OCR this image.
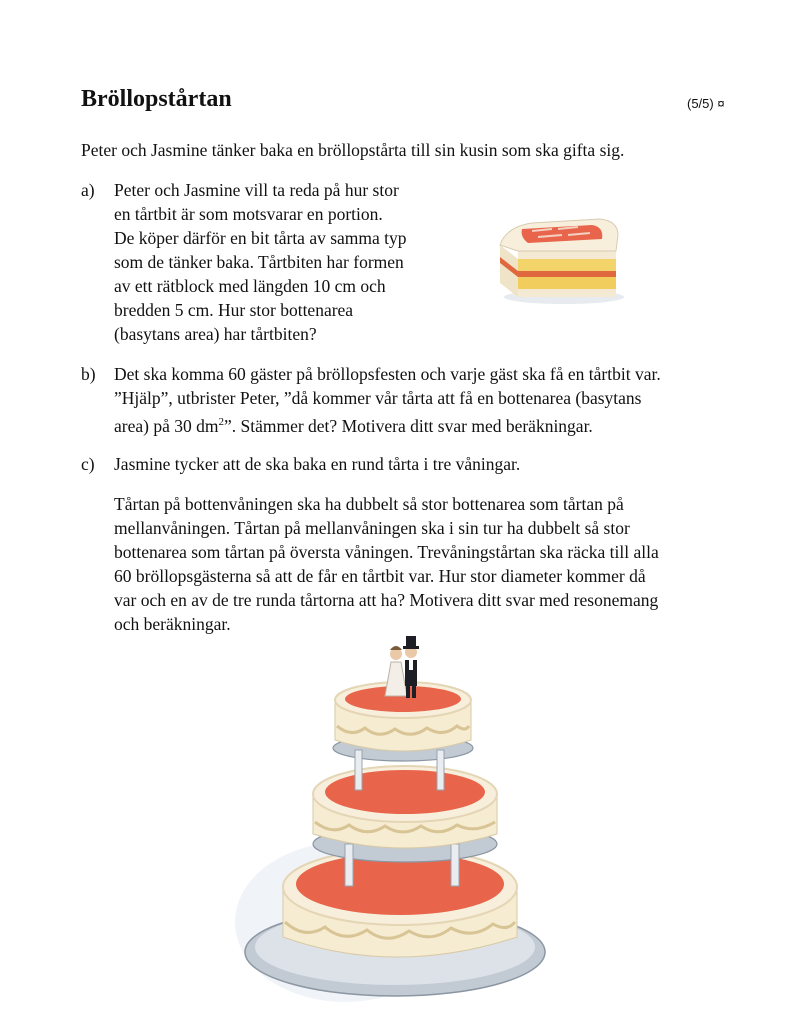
Bröllopstårtan	(5/5) ¤
Peter och Jasmine tänker baka en bröllopstårta till sin kusin som ska gifta sig.
a) Peter och Jasmine vill ta reda på hur stor
en tårtbit är som motsvarar en portion.
De köper därför en bit tårta av samma typ
som de tänker baka. Tårtbiten har formen
av ett rätblock med längden 10 cm och
bredden 5 cm. Hur stor bottenarea
(basytans area) har tårtbiten?
b) Det ska komma 60 gäster på bröllopsfesten och varje gäst ska få en tårtbit var.
”Hjälp”, utbrister Peter, ”då kommer vår tårta att få en bottenarea (basytans
area) på 30 $dm^2$”. Stämmer det? Motivera ditt svar med beräkningar.
c) Jasmine tycker att de ska baka en rund tårta i tre våningar.
Tårtan på bottenvåningen ska ha dubbelt så stor bottenarea som tårtan på
mellanvåningen. Tårtan på mellanvåningen ska i sin tur ha dubbelt så stor
bottenarea som tårtan på översta våningen. Trevåningstårtan ska räcka till alla
60 bröllopsgästerna så att de får en tårtbit var. Hur stor diameter kommer då
var och en av de tre runda tårtorna att ha? Motivera ditt svar med resonemang
och beräkningar.
